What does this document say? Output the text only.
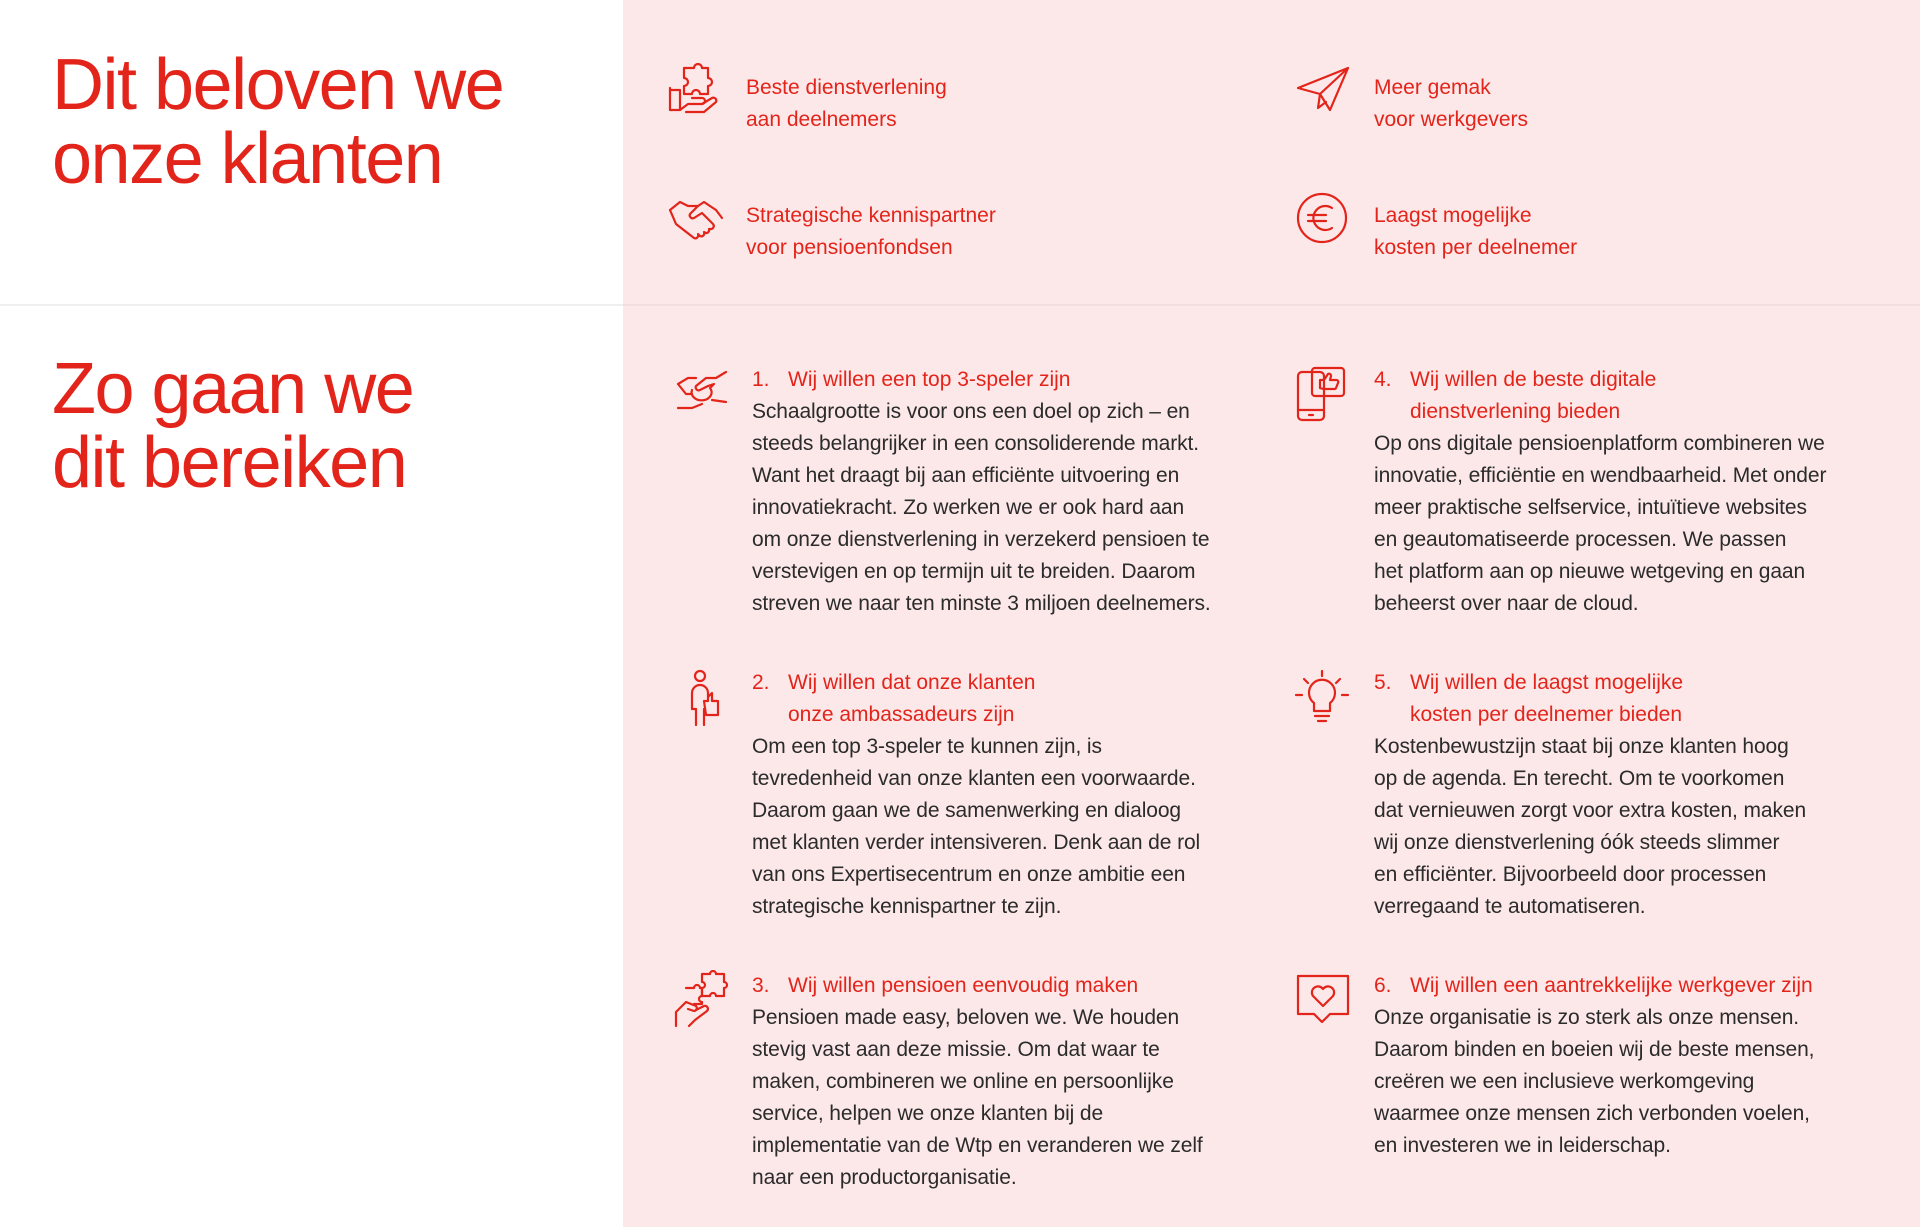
Dit beloven we
onze klanten
Beste dienstverlening
aan deelnemers
Meer gemak
voor werkgevers
Strategische kennispartner
voor pensioenfondsen
Laagst mogelijke
kosten per deelnemer
Zo gaan we
dit bereiken
1. Wij willen een top 3-speler zijn
Schaalgrootte is voor ons een doel op zich – en
steeds belangrijker in een consoliderende markt.
Want het draagt bij aan efficiënte uitvoering en
innovatiekracht. Zo werken we er ook hard aan
om onze dienstverlening in verzekerd pensioen te
verstevigen en op termijn uit te breiden. Daarom
streven we naar ten minste 3 miljoen deelnemers.
2. Wij willen dat onze klanten
onze ambassadeurs zijn
Om een top 3-speler te kunnen zijn, is
tevredenheid van onze klanten een voorwaarde.
Daarom gaan we de samenwerking en dialoog
met klanten verder intensiveren. Denk aan de rol
van ons Expertisecentrum en onze ambitie een
strategische kennispartner te zijn.
3. Wij willen pensioen eenvoudig maken
Pensioen made easy, beloven we. We houden
stevig vast aan deze missie. Om dat waar te
maken, combineren we online en persoonlijke
service, helpen we onze klanten bij de
implementatie van de Wtp en veranderen we zelf
naar een productorganisatie.
4. Wij willen de beste digitale
dienstverlening bieden
Op ons digitale pensioenplatform combineren we
innovatie, efficiëntie en wendbaarheid. Met onder
meer praktische selfservice, intuïtieve websites
en geautomatiseerde processen. We passen
het platform aan op nieuwe wetgeving en gaan
beheerst over naar de cloud.
5. Wij willen de laagst mogelijke
kosten per deelnemer bieden
Kostenbewustzijn staat bij onze klanten hoog
op de agenda. En terecht. Om te voorkomen
dat vernieuwen zorgt voor extra kosten, maken
wij onze dienstverlening óók steeds slimmer
en efficiënter. Bijvoorbeeld door processen
verregaand te automatiseren.
6. Wij willen een aantrekkelijke werkgever zijn
Onze organisatie is zo sterk als onze mensen.
Daarom binden en boeien wij de beste mensen,
creëren we een inclusieve werkomgeving
waarmee onze mensen zich verbonden voelen,
en investeren we in leiderschap.
